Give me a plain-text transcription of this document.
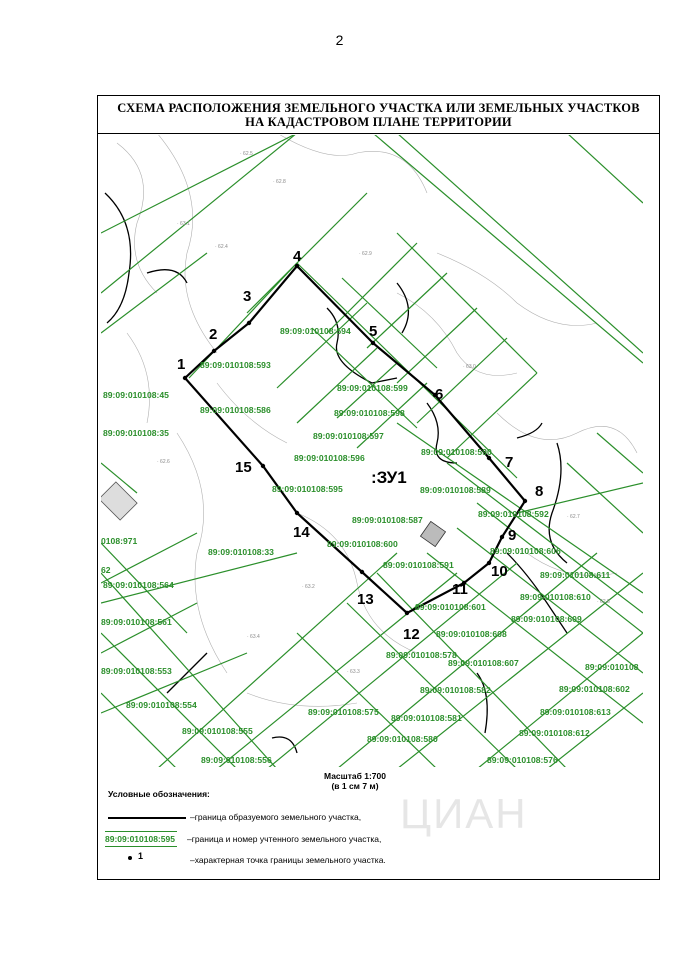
2
СХЕМА РАСПОЛОЖЕНИЯ ЗЕМЕЛЬНОГО УЧАСТКА ИЛИ ЗЕМЕЛЬНЫХ УЧАСТКОВ
НА КАДАСТРОВОМ ПЛАНЕ ТЕРРИТОРИИ
1
2
3
4
5
6
7
8
9
10
11
12
13
14
15
:ЗУ1
89:09:010108:594
89:09:010108:593
89:09:010108:45
89:09:010108:586
89:09:010108:35
89:09:010108:599
89:09:010108:598
89:09:010108:597
89:09:010108:596
89:09:010108:590
89:09:010108:595	89:09:010108:589
89:09:010108:592
89:09:010108:587
89:09:010108:600
89:09:010108:606
0108:971
89:09:010108:33
62
89:09:010108:564
89:09:010108:591
89:09:010108:611
89:09:010108:610
89:09:010108:561
89:09:010108:601
89:09:010108:609
89:09:010108:608
89:09:010108:578
89:09:010108:553
89:09:010108:607	89:09:010108
89:09:010108:582	89:09:010108:602
89:09:010108:554
89:09:010108:575
89:09:010108:581
89:09:010108:613
89:09:010108:555
89:09:010108:580
89:09:010108:612
89:09:010108:556	89:09:010108:576
· 62.5
· 62.8
· 63.1
· 62.9
· 62.4
· 63.0
· 63.2
· 63.4
· 62.7
· 62.6
· 63.3
· 62.8
Масштаб 1:700
(в 1 см 7 м)
Условные обозначения:
–граница образуемого земельного участка,
89:09:010108:595 –граница и номер учтенного земельного участка,
1	–характерная точка границы земельного участка.
ЦИАН
